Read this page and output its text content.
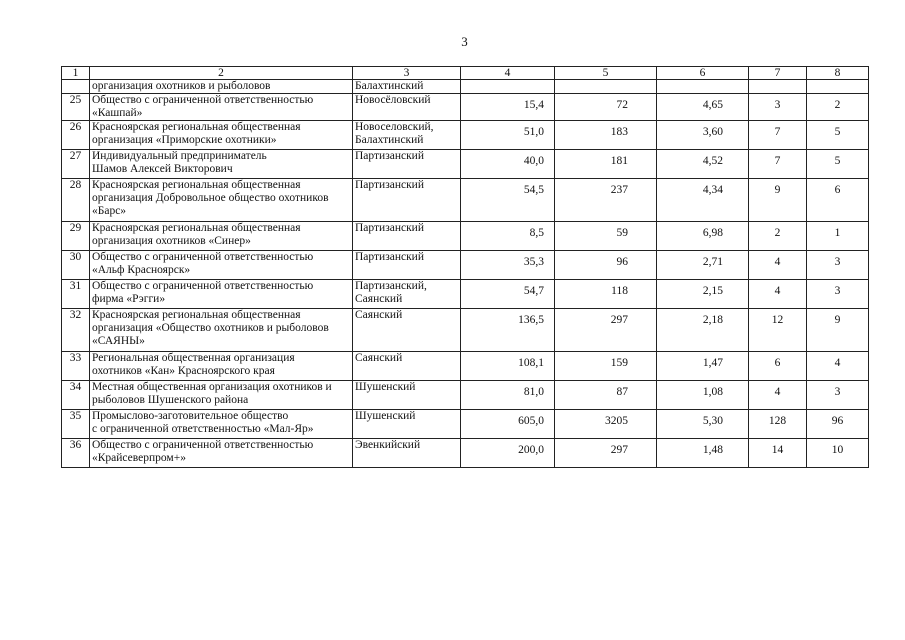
3
1	2	3	4	5	6	7	8

	организация охотников и рыболовов	Балахтинский					

25	Общество с ограниченной ответственностью
«Кашпай»	Новосёловский	15,4	72	4,65	3	2

26	Красноярская региональная общественная
организация «Приморские охотники»	Новоселовский,
Балахтинский	51,0	183	3,60	7	5

27	Индивидуальный предприниматель
Шамов Алексей Викторович	Партизанский	40,0	181	4,52	7	5

28	Красноярская региональная общественная
организация Добровольное общество охотников
«Барс»	Партизанский	54,5	237	4,34	9	6

29	Красноярская региональная общественная
организация охотников «Синер»	Партизанский	8,5	59	6,98	2	1

30	Общество с ограниченной ответственностью
«Альф Красноярск»	Партизанский	35,3	96	2,71	4	3

31	Общество с ограниченной ответственностью
фирма «Рэгги»	Партизанский,
Саянский	54,7	118	2,15	4	3

32	Красноярская региональная общественная
организация «Общество охотников и рыболовов
«САЯНЫ»	Саянский	136,5	297	2,18	12	9

33	Региональная общественная организация
охотников «Кан» Красноярского края	Саянский	108,1	159	1,47	6	4

34	Местная общественная организация охотников и
рыболовов Шушенского района	Шушенский	81,0	87	1,08	4	3

35	Промыслово-заготовительное общество
с ограниченной ответственностью «Мал-Яр»	Шушенский	605,0	3205	5,30	128	96

36	Общество с ограниченной ответственностью
«Крайсеверпром+»	Эвенкийский	200,0	297	1,48	14	10
